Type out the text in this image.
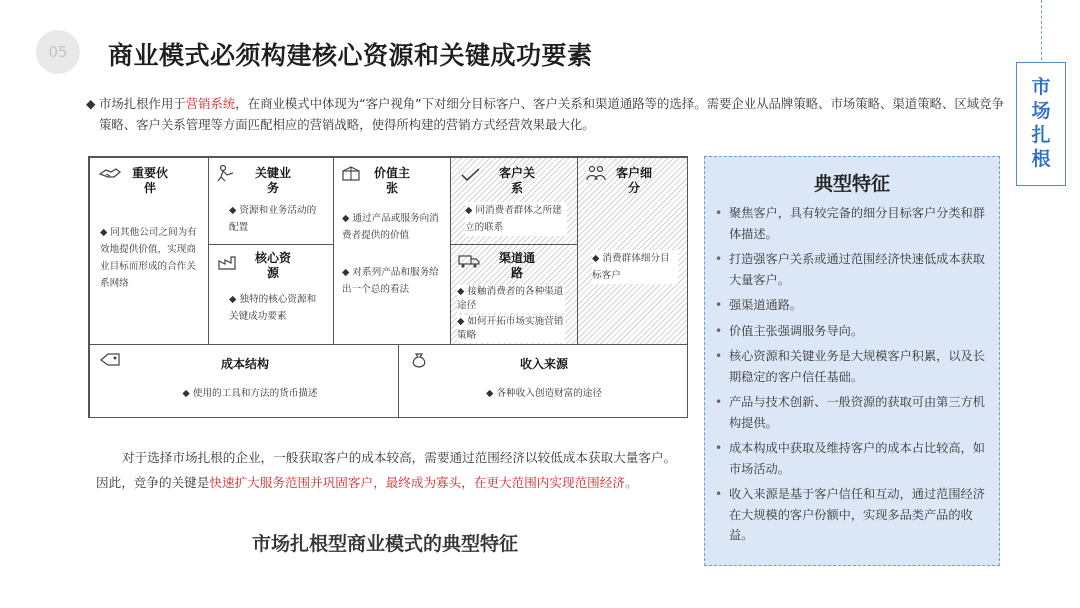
05	商业模式必须构建核心资源和关键成功要素
市场扎根
◆ 市场扎根作用于营销系统，在商业模式中体现为“客户视角”下对细分目标客户、客户关系和渠道通路等的选择。需要企业从品牌策略、市场策略、渠道策略、区域竞争策略、客户关系管理等方面匹配相应的营销战略，使得所构建的营销方式经营效果最大化。
重要伙伴
◆ 同其他公司之间为有效地提供价值，实现商业目标而形成的合作关系网络
关键业务
◆ 资源和业务活动的配置
核心资源
◆ 独特的核心资源和关键成功要素
价值主张
◆ 通过产品或服务向消费者提供的价值
◆ 对系列产品和服务给出一个总的看法
客户关系
◆ 同消费者群体之所建立的联系
渠道通路
◆ 接触消费者的各种渠道途径
◆ 如何开拓市场实施营销策略
客户细分
◆ 消费群体细分目标客户
成本结构
◆ 使用的工具和方法的货币描述
收入来源
◆ 各种收入创造财富的途径
对于选择市场扎根的企业，一般获取客户的成本较高，需要通过范围经济以较低成本获取大量客户。因此，竞争的关键是快速扩大服务范围并巩固客户，最终成为寡头，在更大范围内实现范围经济。
市场扎根型商业模式的典型特征
典型特征
• 聚焦客户，具有较完备的细分目标客户分类和群体描述。
• 打造强客户关系或通过范围经济快速低成本获取大量客户。
• 强渠道通路。
• 价值主张强调服务导向。
• 核心资源和关键业务是大规模客户积累，以及长期稳定的客户信任基础。
• 产品与技术创新、一般资源的获取可由第三方机构提供。
• 成本构成中获取及维持客户的成本占比较高，如市场活动。
• 收入来源是基于客户信任和互动，通过范围经济在大规模的客户份额中，实现多品类产品的收益。
